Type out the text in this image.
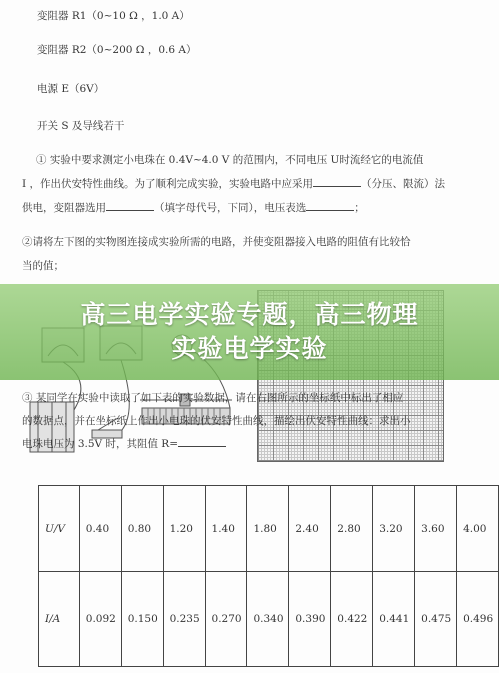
变阻器 R1（0~10 Ω ，1.0 A）
变阻器 R2（0~200 Ω ，0.6 A）
电源 E（6V）
开关 S 及导线若干
① 实验中要求测定小电珠在 0.4V~4.0 V 的范围内，不同电压 U时流经它的电流值
I ，作出伏安特性曲线。为了顺利完成实验，实验电路中应采用	（分压、限流）法
供电，变阻器选用	（填字母代号，下同），电压表选	；
②请将左下图的实物图连接成实验所需的电路，并使变阻器接入电路的阻值有比较恰
当的值；
高三电学实验专题，高三物理
实验电学实验
③ 某同学在实验中读取了如下表的实验数据，请在右图所示的坐标纸中标出了相应
的数据点，并在坐标纸上作出小电珠的伏安特性曲线，描绘出伏安特性曲线：求出小
电珠电压为 3.5V 时，其阻值 R=
U/V	0.40	0.80	1.20	1.40	1.80	2.40	2.80	3.20	3.60	4.00
I/A	0.092	0.150	0.235	0.270	0.340	0.390	0.422	0.441	0.475	0.496
